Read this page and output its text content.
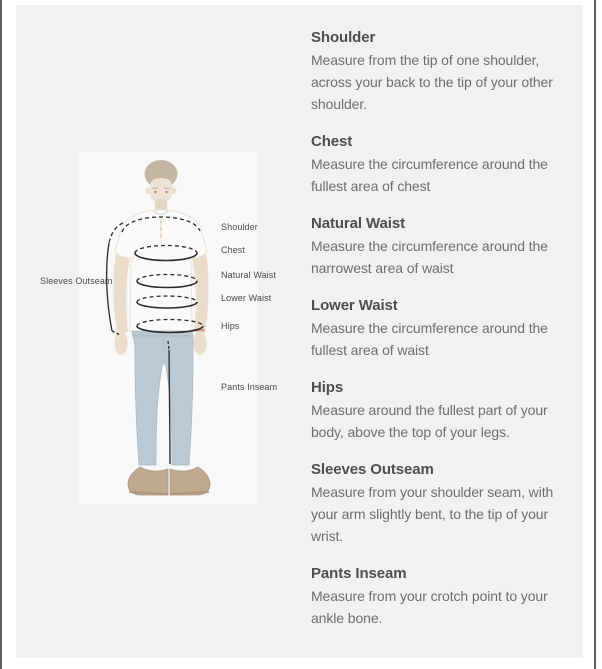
Shoulder
Chest
Natural Waist
Lower Waist
Hips
Sleeves Outseam
Pants Inseam
Shoulder

Measure from the tip of one shoulder, across your back to the tip of your other shoulder.

Chest

Measure the circumference around the fullest area of chest

Natural Waist

Measure the circumference around the narrowest area of waist

Lower Waist

Measure the circumference around the fullest area of waist

Hips

Measure around the fullest part of your body, above the top of your legs.

Sleeves Outseam

Measure from your shoulder seam, with your arm slightly bent, to the tip of your wrist.

Pants Inseam

Measure from your crotch point to your ankle bone.
